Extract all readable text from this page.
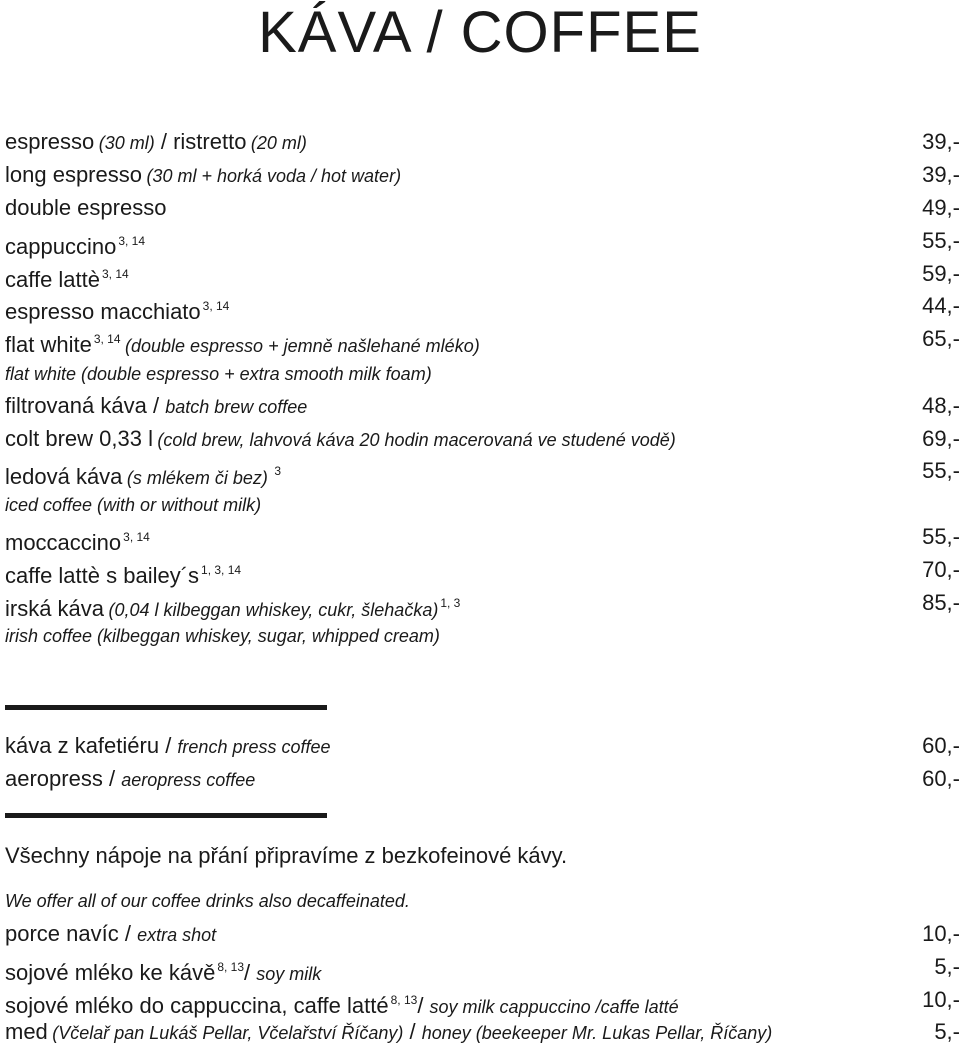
KÁVA / COFFEE
espresso (30 ml) / ristretto (20 ml)	39,-
long espresso (30 ml + horká voda / hot water)	39,-
double espresso	49,-
cappuccino $^{3, 14}$	55,-
caffe lattè $^{3, 14}$	59,-
espresso macchiato $^{3, 14}$	44,-
flat white $^{3, 14}$ (double espresso + jemně našlehané mléko)	65,-
flat white (double espresso + extra smooth milk foam)
filtrovaná káva / batch brew coffee	48,-
colt brew 0,33 l (cold brew, lahvová káva 20 hodin macerovaná ve studené vodě)	69,-
ledová káva (s mlékem či bez) $^3$	55,-
iced coffee (with or without milk)
moccaccino $^{3, 14}$	55,-
caffe lattè s bailey´s $^{1, 3, 14}$	70,-
irská káva (0,04 l kilbeggan whiskey, cukr, šlehačka) $^{1, 3}$	85,-
irish coffee (kilbeggan whiskey, sugar, whipped cream)
káva z kafetiéru / french press coffee	60,-
aeropress / aeropress coffee	60,-
Všechny nápoje na přání připravíme z bezkofeinové kávy.
We offer all of our coffee drinks also decaffeinated.
porce navíc / extra shot	10,-
sojové mléko ke kávě $^{8, 13}$/ soy milk	5,-
sojové mléko do cappuccina, caffe latté $^{8, 13}$/ soy milk cappuccino /caffe latté	10,-
med (Včelař pan Lukáš Pellar, Včelařství Říčany) / honey (beekeeper Mr. Lukas Pellar, Říčany)	5,-
